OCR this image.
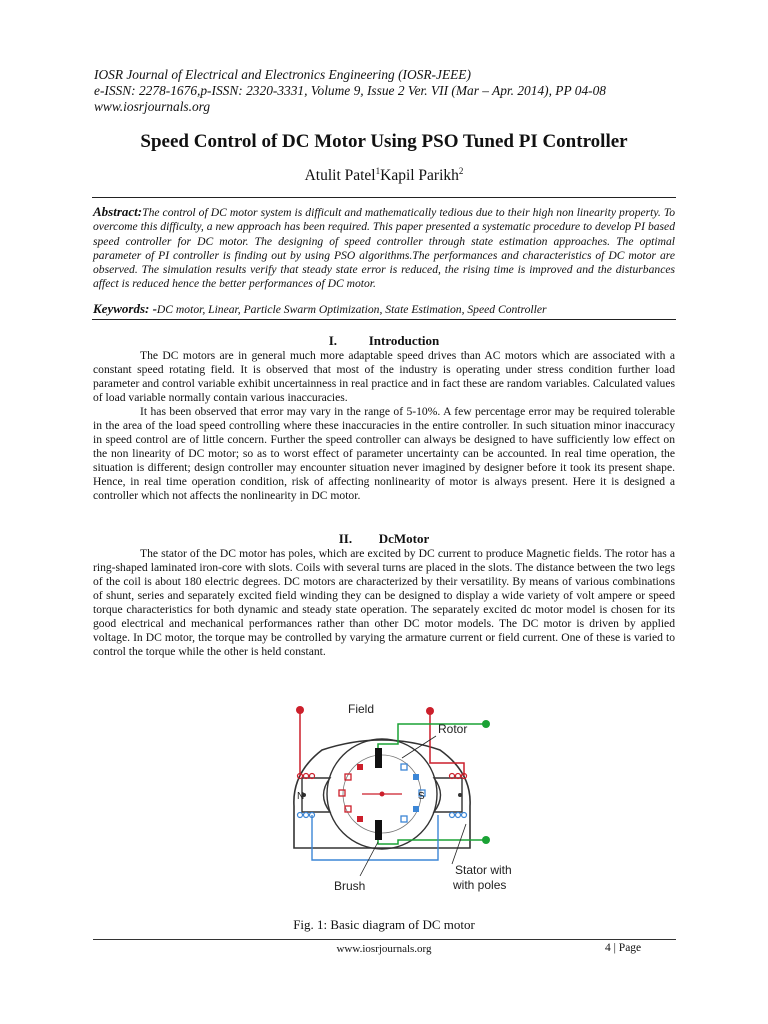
IOSR Journal of Electrical and Electronics Engineering (IOSR-JEEE)
e-ISSN: 2278-1676,p-ISSN: 2320-3331, Volume 9, Issue 2 Ver. VII (Mar – Apr. 2014), PP 04-08
www.iosrjournals.org
Speed Control of DC Motor Using PSO Tuned PI Controller
Atulit Patel$^1$Kapil Parikh$^2$
Abstract:The control of DC motor system is difficult and mathematically tedious due to their high non linearity property. To overcome this difficulty, a new approach has been required. This paper presented a systematic procedure to develop PI based speed controller for DC motor. The designing of speed controller through state estimation approaches. The optimal parameter of PI controller is finding out by using PSO algorithms.The performances and characteristics of DC motor are observed. The simulation results verify that steady state error is reduced, the rising time is improved and the disturbances affect is reduced hence the better performances of DC motor.
Keywords: -DC motor, Linear, Particle Swarm Optimization, State Estimation, Speed Controller
I. Introduction

The DC motors are in general much more adaptable speed drives than AC motors which are associated with a constant speed rotating field. It is observed that most of the industry is operating under stress condition further load parameter and control variable exhibit uncertainness in real practice and in fact these are random variables. Calculated values of load variable normally contain various inaccuracies.

It has been observed that error may vary in the range of 5-10%. A few percentage error may be required tolerable in the area of the load speed controlling where these inaccuracies in the entire controller. In such situation minor inaccuracy in speed control are of little concern. Further the speed controller can always be designed to have sufficiently low effect on the non linearity of DC motor; so as to worst effect of parameter uncertainty can be accounted. In real time operation, the situation is different; design controller may encounter situation never imagined by designer before it took its present shape. Hence, in real time operation condition, risk of affecting nonlinearity of motor is always present. Here it is designed a controller which not affects the nonlinearity in DC motor.

II. DcMotor

The stator of the DC motor has poles, which are excited by DC current to produce Magnetic fields. The rotor has a ring-shaped laminated iron-core with slots. Coils with several turns are placed in the slots. The distance between the two legs of the coil is about 180 electric degrees. DC motors are characterized by their versatility. By means of various combinations of shunt, series and separately excited field winding they can be designed to display a wide variety of volt ampere or speed torque characteristics for both dynamic and steady state operation. The separately excited dc motor model is chosen for its good electrical and mechanical performances rather than other DC motor models. The DC motor is driven by applied voltage. In DC motor, the torque may be controlled by varying the armature current or field current. One of these is varied to control the torque while the other is held constant.

N	S
Field
Rotor
Stator with
with poles
Brush
Fig. 1: Basic diagram of DC motor
www.iosrjournals.org	4 | Page
